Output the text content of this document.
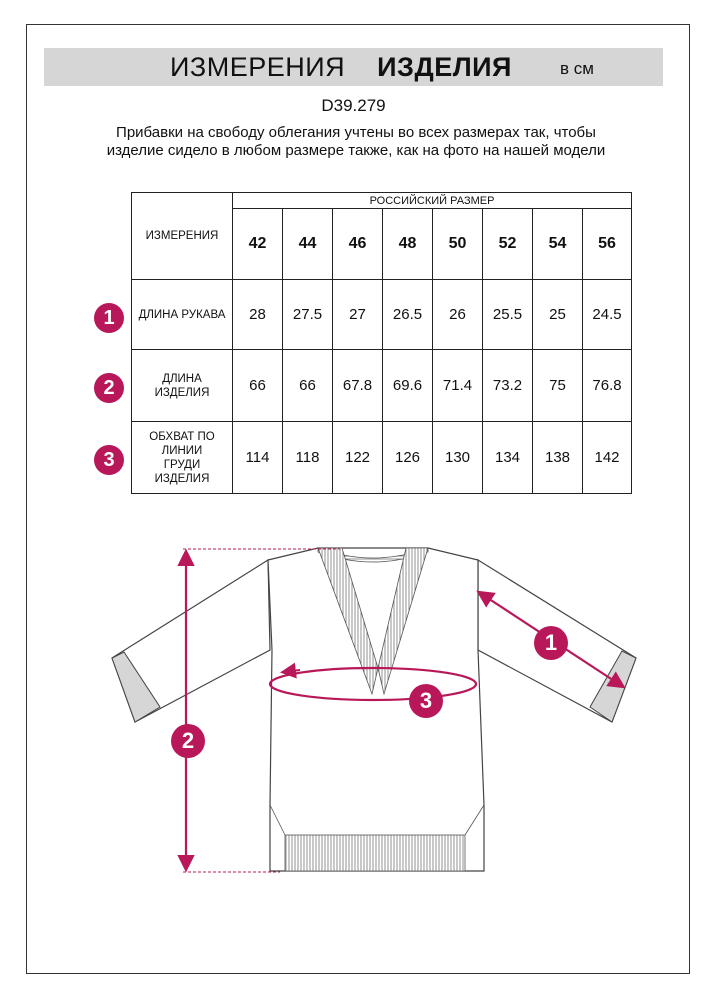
ИЗМЕРЕНИЯ ИЗДЕЛИЯ	в см
D39.279
Прибавки на свободу облегания учтены во всех размерах так, чтобы изделие сидело в любом размере также, как на фото на нашей модели
ИЗМЕРЕНИЯ	РОССИЙСКИЙ РАЗМЕР							
	42	44	46	48	50	52	54	56
ДЛИНА РУКАВА	28	27.5	27	26.5	26	25.5	25	24.5
ДЛИНА ИЗДЕЛИЯ	66	66	67.8	69.6	71.4	73.2	75	76.8
ОБХВАТ ПО ЛИНИИ ГРУДИ ИЗДЕЛИЯ	114	118	122	126	130	134	138	142
1
2
3
1
2
3
